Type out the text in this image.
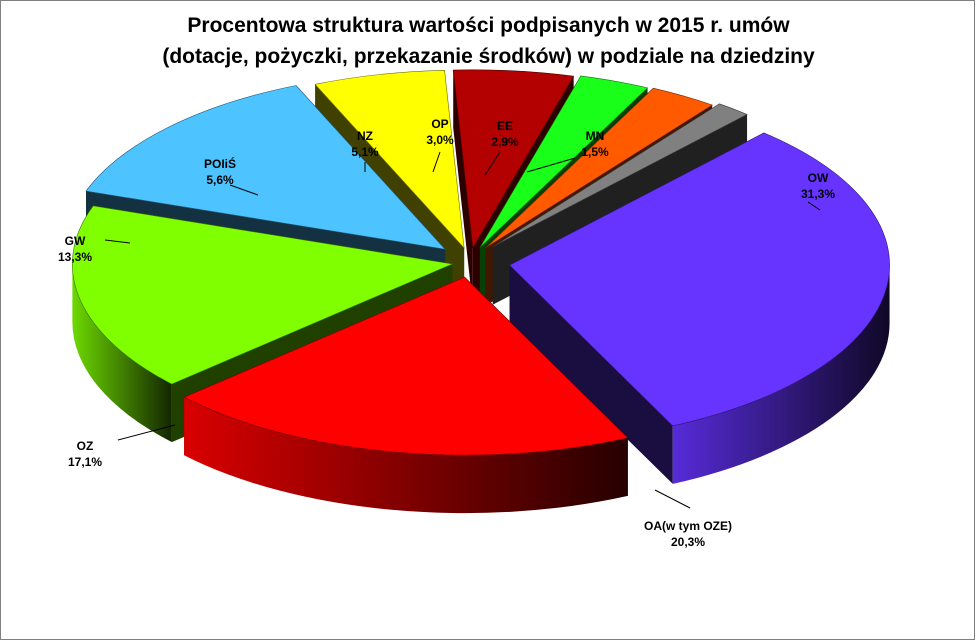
Procentowa struktura wartości podpisanych w 2015 r. umów
(dotacje, pożyczki, przekazanie środków) w podziale na dziedziny
OW
31,3%
OA(w tym OZE)
20,3%
OZ
17,1%
GW
13,3%
POIiŚ
5,6%
NZ
5,1%
OP
3,0%
EE
2,9%	MN
1,5%
